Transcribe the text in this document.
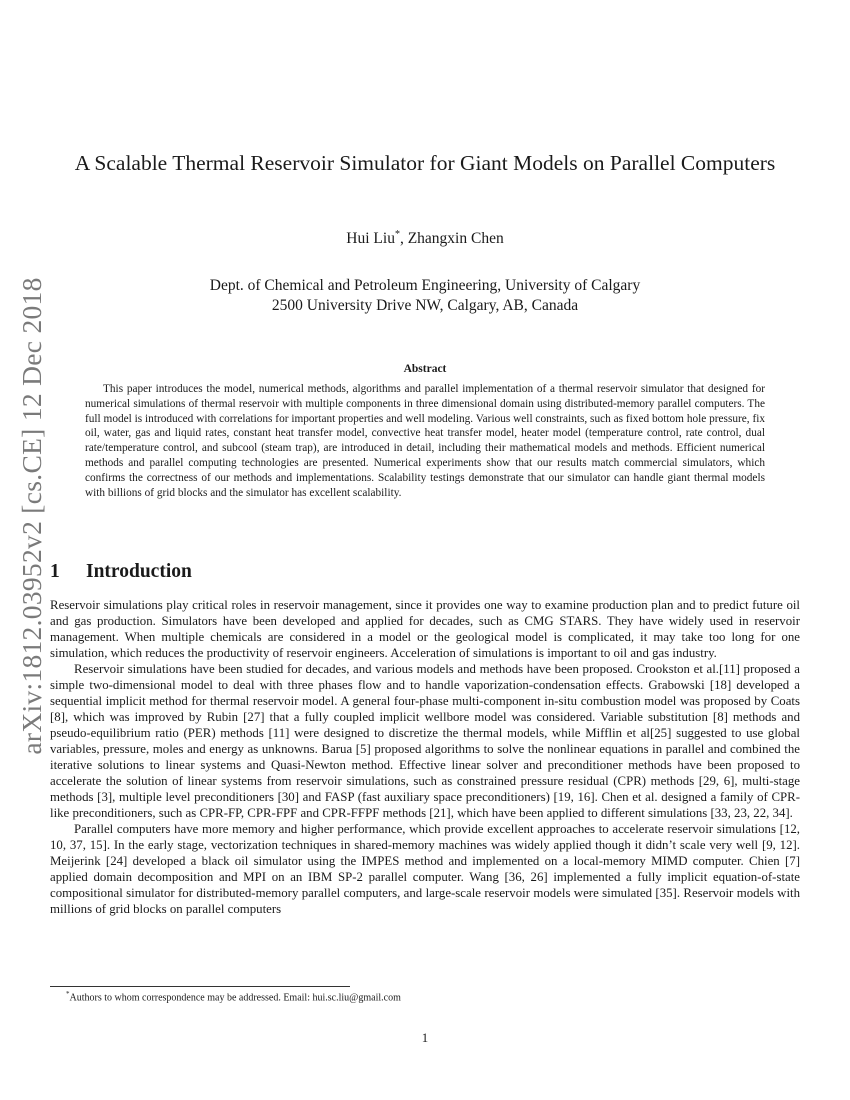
arXiv:1812.03952v2 [cs.CE] 12 Dec 2018
A Scalable Thermal Reservoir Simulator for Giant Models on Parallel Computers
Hui Liu*, Zhangxin Chen
Dept. of Chemical and Petroleum Engineering, University of Calgary
2500 University Drive NW, Calgary, AB, Canada
Abstract

This paper introduces the model, numerical methods, algorithms and parallel implementation of a thermal reservoir simulator that designed for numerical simulations of thermal reservoir with multiple components in three dimensional domain using distributed-memory parallel computers. The full model is introduced with correlations for important properties and well modeling. Various well constraints, such as fixed bottom hole pressure, fix oil, water, gas and liquid rates, constant heat transfer model, convective heat transfer model, heater model (temperature control, rate control, dual rate/temperature control, and subcool (steam trap), are introduced in detail, including their mathematical models and methods. Efficient numerical methods and parallel computing technologies are presented. Numerical experiments show that our results match commercial simulators, which confirms the correctness of our methods and implementations. Scalability testings demonstrate that our simulator can handle giant thermal models with billions of grid blocks and the simulator has excellent scalability.

1 Introduction

Reservoir simulations play critical roles in reservoir management, since it provides one way to examine production plan and to predict future oil and gas production. Simulators have been developed and applied for decades, such as CMG STARS. They have widely used in reservoir management. When multiple chemicals are considered in a model or the geological model is complicated, it may take too long for one simulation, which reduces the productivity of reservoir engineers. Acceleration of simulations is important to oil and gas industry.

Reservoir simulations have been studied for decades, and various models and methods have been proposed. Crookston et al.[11] proposed a simple two-dimensional model to deal with three phases flow and to handle vaporization-condensation effects. Grabowski [18] developed a sequential implicit method for thermal reservoir model. A general four-phase multi-component in-situ combustion model was proposed by Coats [8], which was improved by Rubin [27] that a fully coupled implicit wellbore model was considered. Variable substitution [8] methods and pseudo-equilibrium ratio (PER) methods [11] were designed to discretize the thermal models, while Mifflin et al[25] suggested to use global variables, pressure, moles and energy as unknowns. Barua [5] proposed algorithms to solve the nonlinear equations in parallel and combined the iterative solutions to linear systems and Quasi-Newton method. Effective linear solver and preconditioner methods have been proposed to accelerate the solution of linear systems from reservoir simulations, such as constrained pressure residual (CPR) methods [29, 6], multi-stage methods [3], multiple level preconditioners [30] and FASP (fast auxiliary space preconditioners) [19, 16]. Chen et al. designed a family of CPR-like preconditioners, such as CPR-FP, CPR-FPF and CPR-FFPF methods [21], which have been applied to different simulations [33, 23, 22, 34].

Parallel computers have more memory and higher performance, which provide excellent approaches to accelerate reservoir simulations [12, 10, 37, 15]. In the early stage, vectorization techniques in shared-memory machines was widely applied though it didn’t scale very well [9, 12]. Meijerink [24] developed a black oil simulator using the IMPES method and implemented on a local-memory MIMD computer. Chien [7] applied domain decomposition and MPI on an IBM SP-2 parallel computer. Wang [36, 26] implemented a fully implicit equation-of-state compositional simulator for distributed-memory parallel computers, and large-scale reservoir models were simulated [35]. Reservoir models with millions of grid blocks on parallel computers

*Authors to whom correspondence may be addressed. Email: hui.sc.liu@gmail.com
1
